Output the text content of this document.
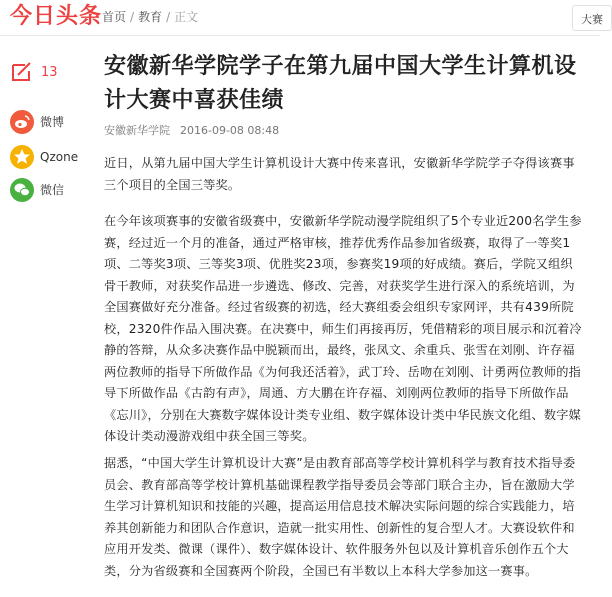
今日头条 首页 / 教育 / 正文	大赛
13
微博
Qzone
微信
安徽新华学院学子在第九届中国大学生计算机设计大赛中喜获佳绩
安徽新华学院 2016-09-08 08:48

近日，从第九届中国大学生计算机设计大赛中传来喜讯，安徽新华学院学子夺得该赛事三个项目的全国三等奖。

在今年该项赛事的安徽省级赛中，安徽新华学院动漫学院组织了5个专业近200名学生参赛，经过近一个月的准备，通过严格审核，推荐优秀作品参加省级赛，取得了一等奖1项、二等奖3项、三等奖3项、优胜奖23项，参赛奖19项的好成绩。赛后，学院又组织骨干教师，对获奖作品进一步遴选、修改、完善，对获奖学生进行深入的系统培训，为全国赛做好充分准备。经过省级赛的初选，经大赛组委会组织专家网评，共有439所院校，2320件作品入围决赛。在决赛中，师生们再接再厉，凭借精彩的项目展示和沉着冷静的答辩，从众多决赛作品中脱颖而出，最终，张凤文、余重兵、张雪在刘刚、许存福两位教师的指导下所做作品《为何我还活着》，武丁玲、岳吻在刘刚、计勇两位教师的指导下所做作品《古韵有声》，周通、方大鹏在许存福、刘刚两位教师的指导下所做作品《忘川》，分别在大赛数字媒体设计类专业组、数字媒体设计类中华民族文化组、数字媒体设计类动漫游戏组中获全国三等奖。

据悉，“中国大学生计算机设计大赛”是由教育部高等学校计算机科学与教育技术指导委员会、教育部高等学校计算机基础课程教学指导委员会等部门联合主办，旨在激励大学生学习计算机知识和技能的兴趣，提高运用信息技术解决实际问题的综合实践能力，培养其创新能力和团队合作意识，造就一批实用性、创新性的复合型人才。大赛设软件和应用开发类、微课（课件）、数字媒体设计、软件服务外包以及计算机音乐创作五个大类，分为省级赛和全国赛两个阶段，全国已有半数以上本科大学参加这一赛事。
